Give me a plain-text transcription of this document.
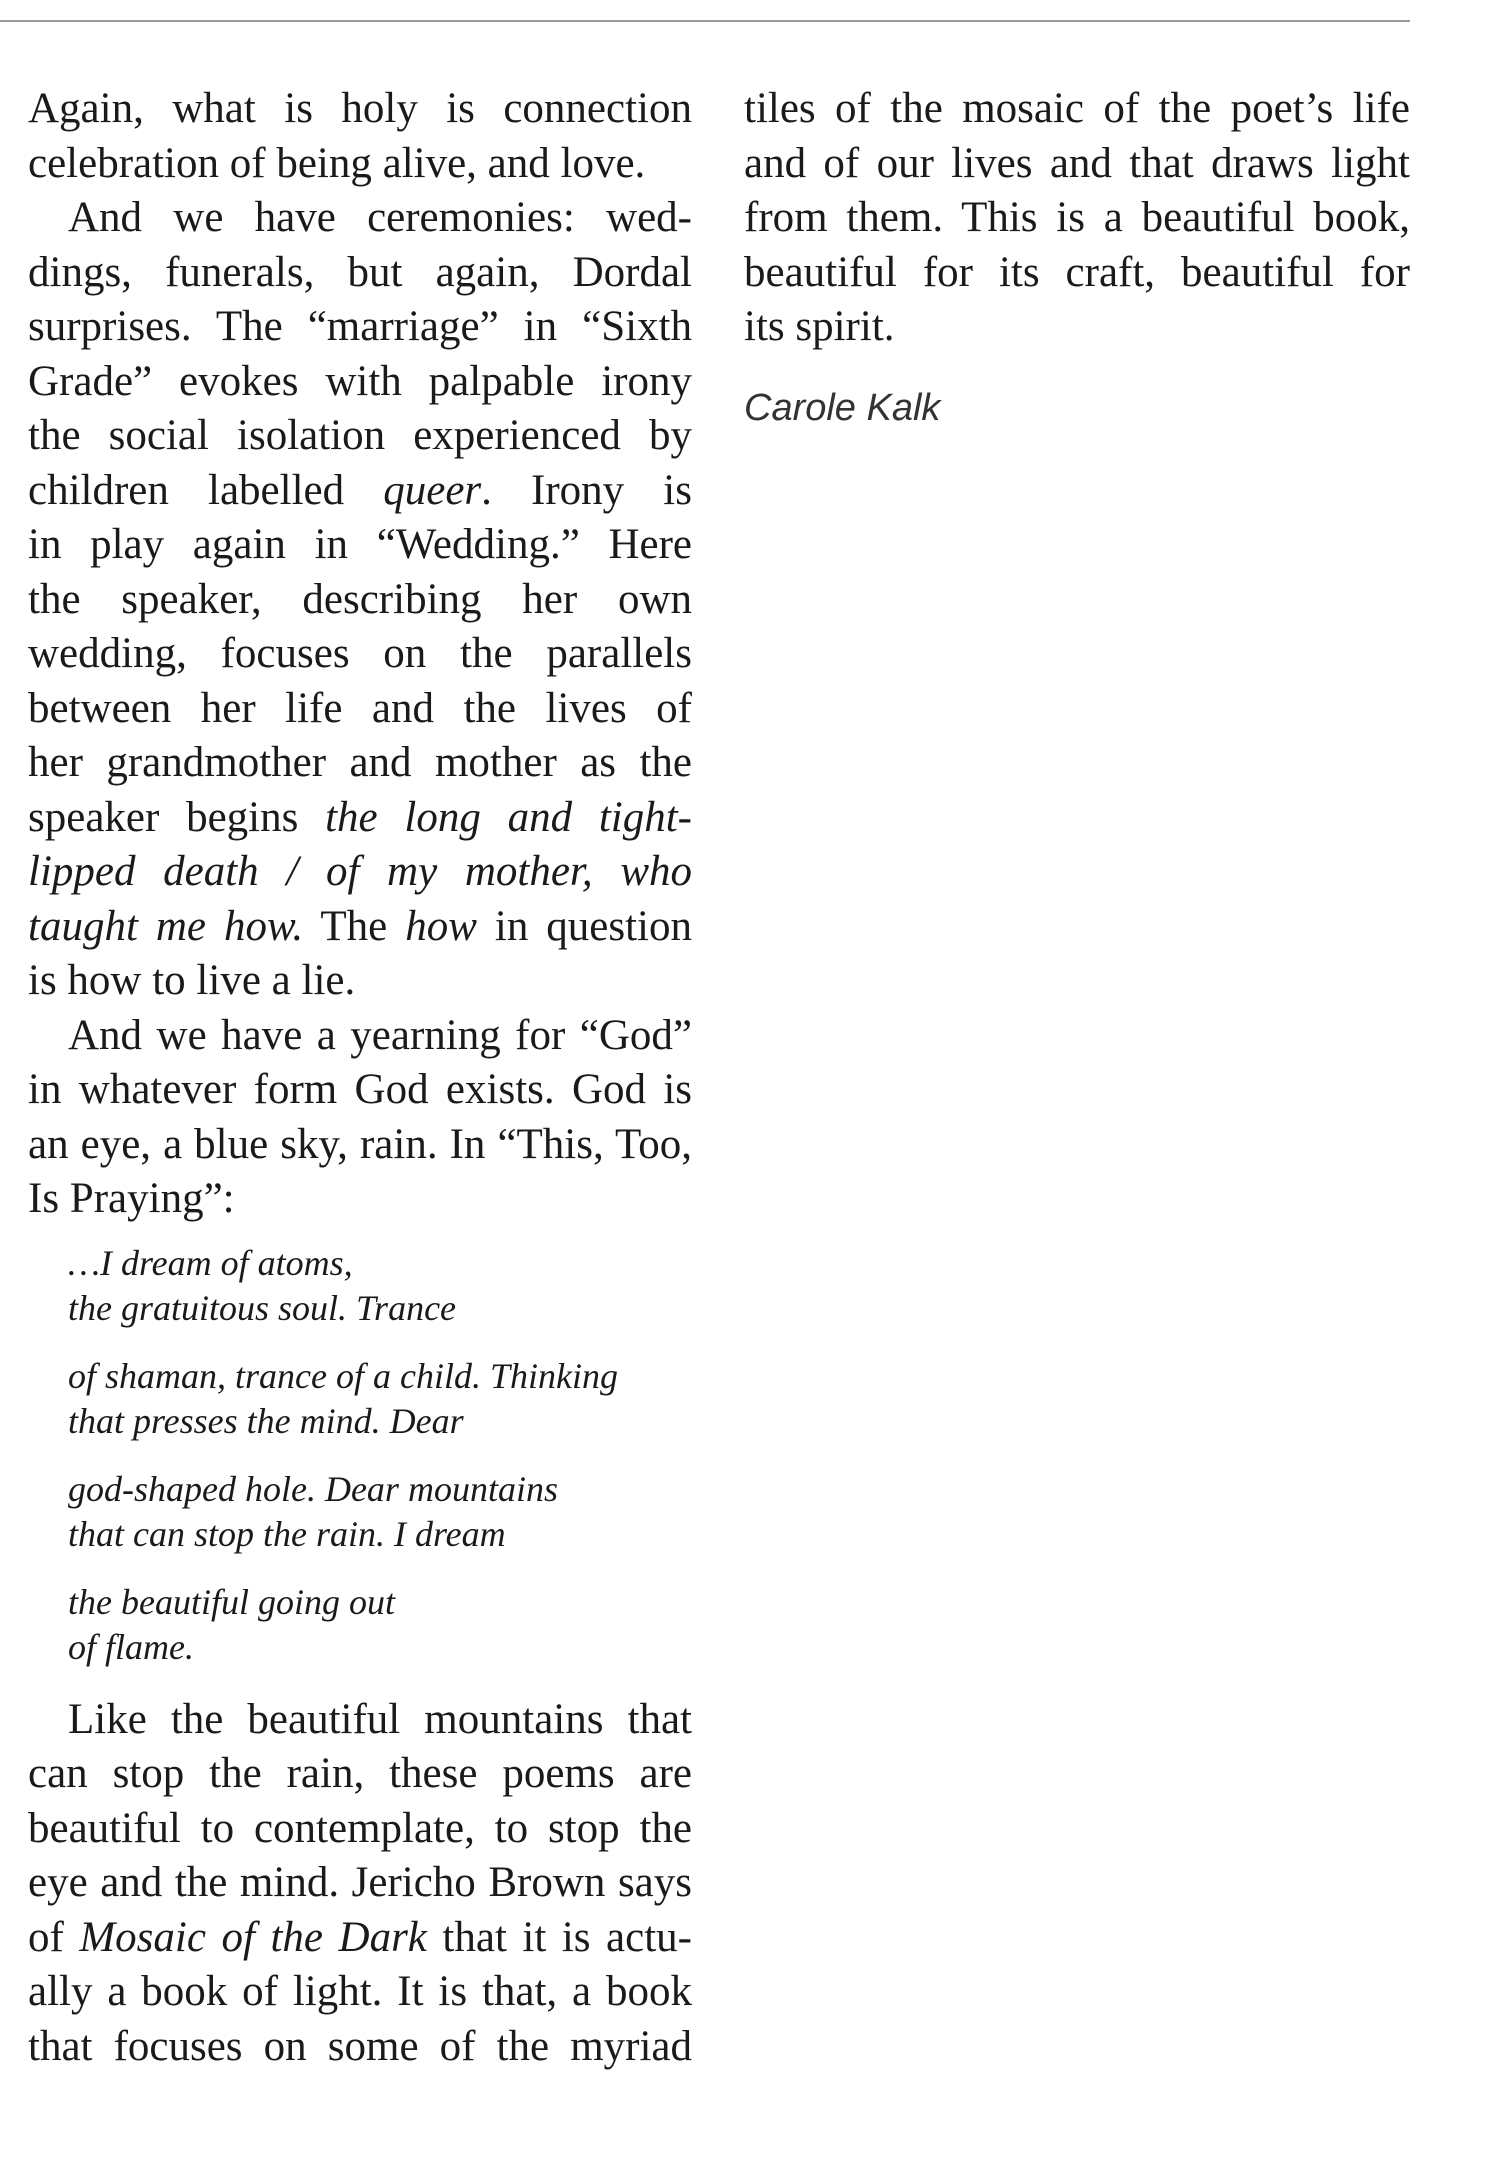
Again, what is holy is connection
celebration of being alive, and love.

And we have ceremonies: wed-
dings, funerals, but again, Dordal
surprises. The “marriage” in “Sixth
Grade” evokes with palpable irony
the social isolation experienced by
children labelled queer. Irony is
in play again in “Wedding.” Here
the speaker, describing her own
wedding, focuses on the parallels
between her life and the lives of
her grandmother and mother as the
speaker begins the long and tight-
lipped death / of my mother, who
taught me how. The how in question
is how to live a lie.

And we have a yearning for “God”
in whatever form God exists. God is
an eye, a blue sky, rain. In “This, Too,
Is Praying”:

…I dream of atoms,
the gratuitous soul. Trance
of shaman, trance of a child. Thinking
that presses the mind. Dear
god-shaped hole. Dear mountains
that can stop the rain. I dream
the beautiful going out
of flame.

Like the beautiful mountains that
can stop the rain, these poems are
beautiful to contemplate, to stop the
eye and the mind. Jericho Brown says
of Mosaic of the Dark that it is actu-
ally a book of light. It is that, a book
that focuses on some of the myriad

tiles of the mosaic of the poet’s life
and of our lives and that draws light
from them. This is a beautiful book,
beautiful for its craft, beautiful for
its spirit.

Carole Kalk
